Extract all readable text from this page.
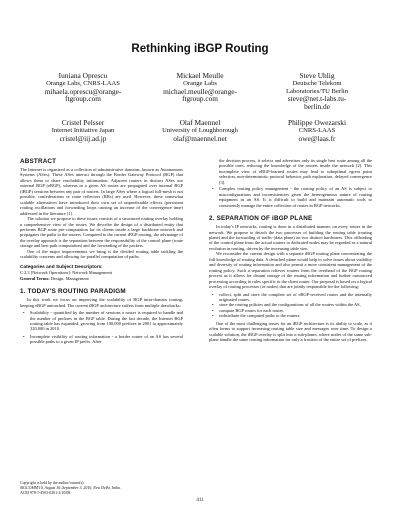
Rethinking iBGP Routing
Iuniana Oprescu
Orange Labs, CNRS-LAAS
mihaela.oprescu@orange-
ftgroup.com
Mickael Meulle
Orange Labs
michael.meulle@orange-
ftgroup.com
Steve Uhlig
Deutsche Telekom Laboratories/TU Berlin
steve@net.t-labs.tu-
berlin.de
Cristel Pelsser
Internet Initiative Japan
cristel@iij.ad.jp
Olaf Maennel
University of Loughborough
olaf@maennel.net
Philippe Owezarski
CNRS-LAAS
owe@laas.fr
ABSTRACT

The Internet is organized as a collection of administrative domains, known as Autonomous Systems (ASes). These ASes interact through the Border Gateway Protocol (BGP) that allows them to share reachability information. Adjacent routers in distinct ASes use external BGP (eBGP), whereas in a given AS routes are propagated over internal BGP (iBGP) sessions between any pair of routers. In large ASes where a logical full-mesh is not possible, confederations or route reflectors (RRs) are used. However, these somewhat scalable alternatives have introduced their own set of unpredictable effects (persistent routing oscillations and forwarding loops causing an increase of the convergence time) addressed in the literature [1].

The solution we propose to these issues consists of a structured routing overlay holding a comprehensive view of the routes. We describe the design of a distributed entity that performs BGP route pre-computation for its clients inside a large backbone network and propagates the paths to the routers. Compared to the current iBGP routing, the advantage of the overlay approach is the separation between the responsibility of the control plane (route storage and best path computation) and the forwarding of the packets.

One of the major improvements we bring is the divided routing table tackling the scalability concerns and allowing for parallel computation of paths.

Categories and Subject Descriptors:

C.2.3 [Network Operations]: Network Management

General Terms: Design, Management

1. TODAY'S ROUTING PARADIGM

In this work we focus on improving the scalability of BGP intra-domain routing, keeping eBGP untouched. The current iBGP architecture suffers from multiple drawbacks:

• Scalability - quantified by the number of sessions a router is required to handle and the number of prefixes in the BGP table. During the last decade, the Internet BGP routing table has expanded, growing from 100,000 prefixes in 2001 to approximately 320,000 in 2010.
• Incomplete visibility of routing information - a border router of an AS has several possible paths to a given IP prefix. After
Copyright is held by the author/owner(s).
SIGCOMM'10, August 30–September 3, 2010, New Delhi, India.
ACM 978-1-4503-0201-2/10/08.
the decision process, it selects and advertises only its single best route among all the possible ones, reducing the knowledge of the routers inside the network [2]. This incomplete view of eBGP-learned routes may lead to suboptimal egress point selection, non-deterministic protocol behavior, path exploration, delayed convergence [3].
• Complex routing policy management - the routing policy of an AS is subject to misconfigurations and inconsistencies given the heterogeneous nature of routing equipment in an AS. It is difficult to build and maintain automatic tools to consistently manage the entire collection of routes in BGP networks.
2. SEPARATION OF iBGP PLANE

In today's IP networks, routing is done in a distributed manner, on every router in the network. We propose to detach the two processes of building the routing table (routing plane) and the forwarding of traffic (data plane) on two distinct hardwares. This offloading of the control plane from the actual routers to dedicated nodes may be regarded as a natural evolution in routing, driven by the increasing table size.

We reconsider the current design with a separate iBGP routing plane concentrating the full knowledge of routing data. A detached plane would help to solve issues about visibility and diversity of routing information and also permit a more consistent management of the routing policy. Such a separation relieves routers from the overhead of the BGP routing process as it allows for distant storage of the routing information and further outsourced processing according to rules specific to the client router. Our proposal is based on a logical overlay of routing processes (or nodes) that are jointly responsible for the following:

• collect, split and store the complete set of eBGP-received routes and the internally originated routes,
• store the routing policies and the configurations of all the routers within the AS,
• compute BGP routes for each router,
• redistribute the computed paths to the routers.

One of the most challenging issues for an iBGP architecture is its ability to scale, as it often forms to support increasing routing table size and messages over time. To design a scalable solution, the iBGP overlay is split into n sub-planes, where nodes of the same sub-plane handle the same routing information for only a fraction of the entire set of prefixes.

411
